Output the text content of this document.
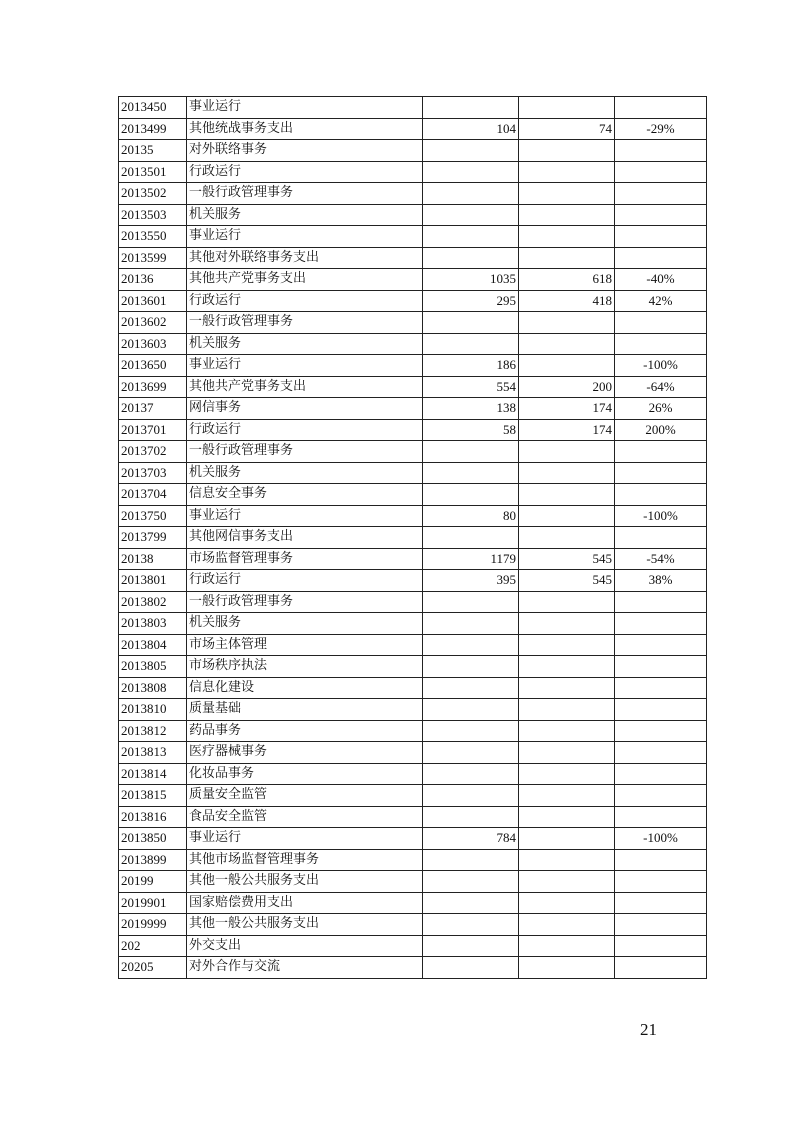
2013450	事业运行			
2013499	其他统战事务支出	104	74	-29%
20135	对外联络事务			
2013501	行政运行			
2013502	一般行政管理事务			
2013503	机关服务			
2013550	事业运行			
2013599	其他对外联络事务支出			
20136	其他共产党事务支出	1035	618	-40%
2013601	行政运行	295	418	42%
2013602	一般行政管理事务			
2013603	机关服务			
2013650	事业运行	186		-100%
2013699	其他共产党事务支出	554	200	-64%
20137	网信事务	138	174	26%
2013701	行政运行	58	174	200%
2013702	一般行政管理事务			
2013703	机关服务			
2013704	信息安全事务			
2013750	事业运行	80		-100%
2013799	其他网信事务支出			
20138	市场监督管理事务	1179	545	-54%
2013801	行政运行	395	545	38%
2013802	一般行政管理事务			
2013803	机关服务			
2013804	市场主体管理			
2013805	市场秩序执法			
2013808	信息化建设			
2013810	质量基础			
2013812	药品事务			
2013813	医疗器械事务			
2013814	化妆品事务			
2013815	质量安全监管			
2013816	食品安全监管			
2013850	事业运行	784		-100%
2013899	其他市场监督管理事务			
20199	其他一般公共服务支出			
2019901	国家赔偿费用支出			
2019999	其他一般公共服务支出			
202	外交支出			
20205	对外合作与交流			
21
